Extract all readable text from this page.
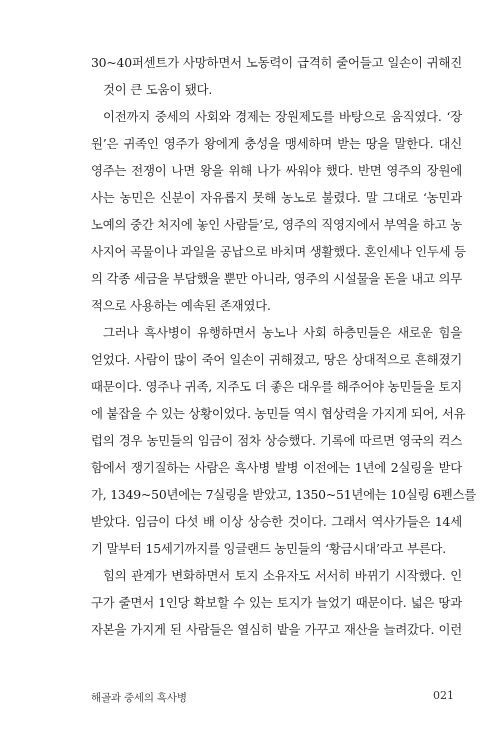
30~40퍼센트가 사망하면서 노동력이 급격히 줄어들고 일손이 귀해진
것이 큰 도움이 됐다.
이전까지 중세의 사회와 경제는 장원제도를 바탕으로 움직였다. ‘장
원’은 귀족인 영주가 왕에게 충성을 맹세하며 받는 땅을 말한다. 대신
영주는 전쟁이 나면 왕을 위해 나가 싸워야 했다. 반면 영주의 장원에
사는 농민은 신분이 자유롭지 못해 농노로 불렸다. 말 그대로 ‘농민과
노예의 중간 처지에 놓인 사람들’로, 영주의 직영지에서 부역을 하고 농
사지어 곡물이나 과일을 공납으로 바치며 생활했다. 혼인세나 인두세 등
의 각종 세금을 부담했을 뿐만 아니라, 영주의 시설물을 돈을 내고 의무
적으로 사용하는 예속된 존재였다.
그러나 흑사병이 유행하면서 농노나 사회 하층민들은 새로운 힘을
얻었다. 사람이 많이 죽어 일손이 귀해졌고, 땅은 상대적으로 흔해졌기
때문이다. 영주나 귀족, 지주도 더 좋은 대우를 해주어야 농민들을 토지
에 붙잡을 수 있는 상황이었다. 농민들 역시 협상력을 가지게 되어, 서유
럽의 경우 농민들의 임금이 점차 상승했다. 기록에 따르면 영국의 컥스
함에서 쟁기질하는 사람은 흑사병 발병 이전에는 1년에 2실링을 받다
가, 1349~50년에는 7실링을 받았고, 1350~51년에는 10실링 6펜스를
받았다. 임금이 다섯 배 이상 상승한 것이다. 그래서 역사가들은 14세
기 말부터 15세기까지를 잉글랜드 농민들의 ‘황금시대’라고 부른다.
힘의 관계가 변화하면서 토지 소유자도 서서히 바뀌기 시작했다. 인
구가 줄면서 1인당 확보할 수 있는 토지가 늘었기 때문이다. 넓은 땅과
자본을 가지게 된 사람들은 열심히 밭을 가꾸고 재산을 늘려갔다. 이런
해골과 중세의 흑사병	021
